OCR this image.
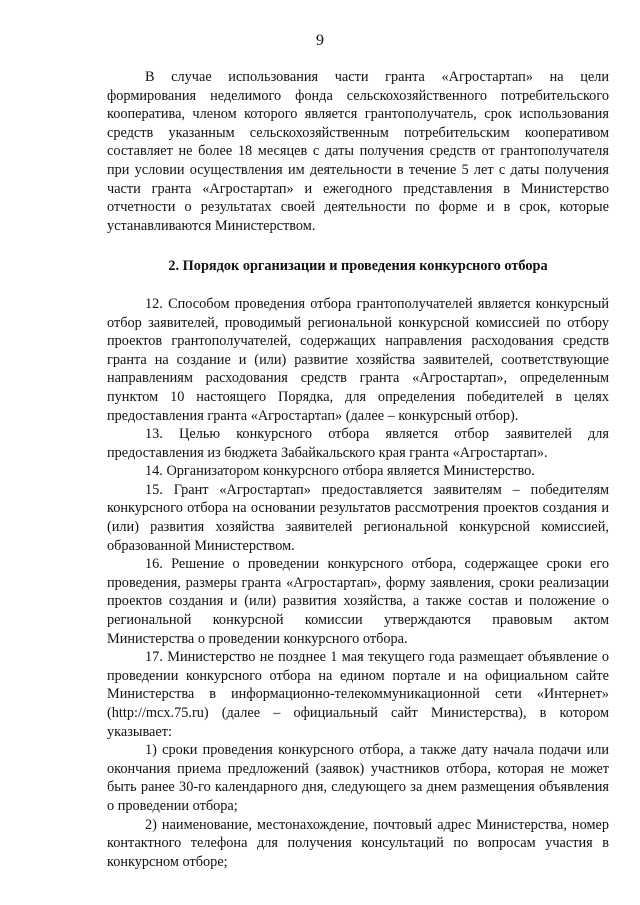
9

В случае использования части гранта «Агростартап» на цели формирования неделимого фонда сельскохозяйственного потребительского кооператива, членом которого является грантополучатель, срок использования средств указанным сельскохозяйственным потребительским кооперативом составляет не более 18 месяцев с даты получения средств от грантополучателя при условии осуществления им деятельности в течение 5 лет с даты получения части гранта «Агростартап» и ежегодного представления в Министерство отчетности о результатах своей деятельности по форме и в срок, которые устанавливаются Министерством.

2. Порядок организации и проведения конкурсного отбора

12. Способом проведения отбора грантополучателей является конкурсный отбор заявителей, проводимый региональной конкурсной комиссией по отбору проектов грантополучателей, содержащих направления расходования средств гранта на создание и (или) развитие хозяйства заявителей, соответствующие направлениям расходования средств гранта «Агростартап», определенным пунктом 10 настоящего Порядка, для определения победителей в целях предоставления гранта «Агростартап» (далее – конкурсный отбор).

13. Целью конкурсного отбора является отбор заявителей для предоставления из бюджета Забайкальского края гранта «Агростартап».

14. Организатором конкурсного отбора является Министерство.

15. Грант «Агростартап» предоставляется заявителям – победителям конкурсного отбора на основании результатов рассмотрения проектов создания и (или) развития хозяйства заявителей региональной конкурсной комиссией, образованной Министерством.

16. Решение о проведении конкурсного отбора, содержащее сроки его проведения, размеры гранта «Агростартап», форму заявления, сроки реализации проектов создания и (или) развития хозяйства, а также состав и положение о региональной конкурсной комиссии утверждаются правовым актом Министерства о проведении конкурсного отбора.

17. Министерство не позднее 1 мая текущего года размещает объявление о проведении конкурсного отбора на едином портале и на официальном сайте Министерства в информационно-телекоммуникационной сети «Интернет» (http://mcx.75.ru) (далее – официальный сайт Министерства), в котором указывает:

1) сроки проведения конкурсного отбора, а также дату начала подачи или окончания приема предложений (заявок) участников отбора, которая не может быть ранее 30-го календарного дня, следующего за днем размещения объявления о проведении отбора;

2) наименование, местонахождение, почтовый адрес Министерства, номер контактного телефона для получения консультаций по вопросам участия в конкурсном отборе;
